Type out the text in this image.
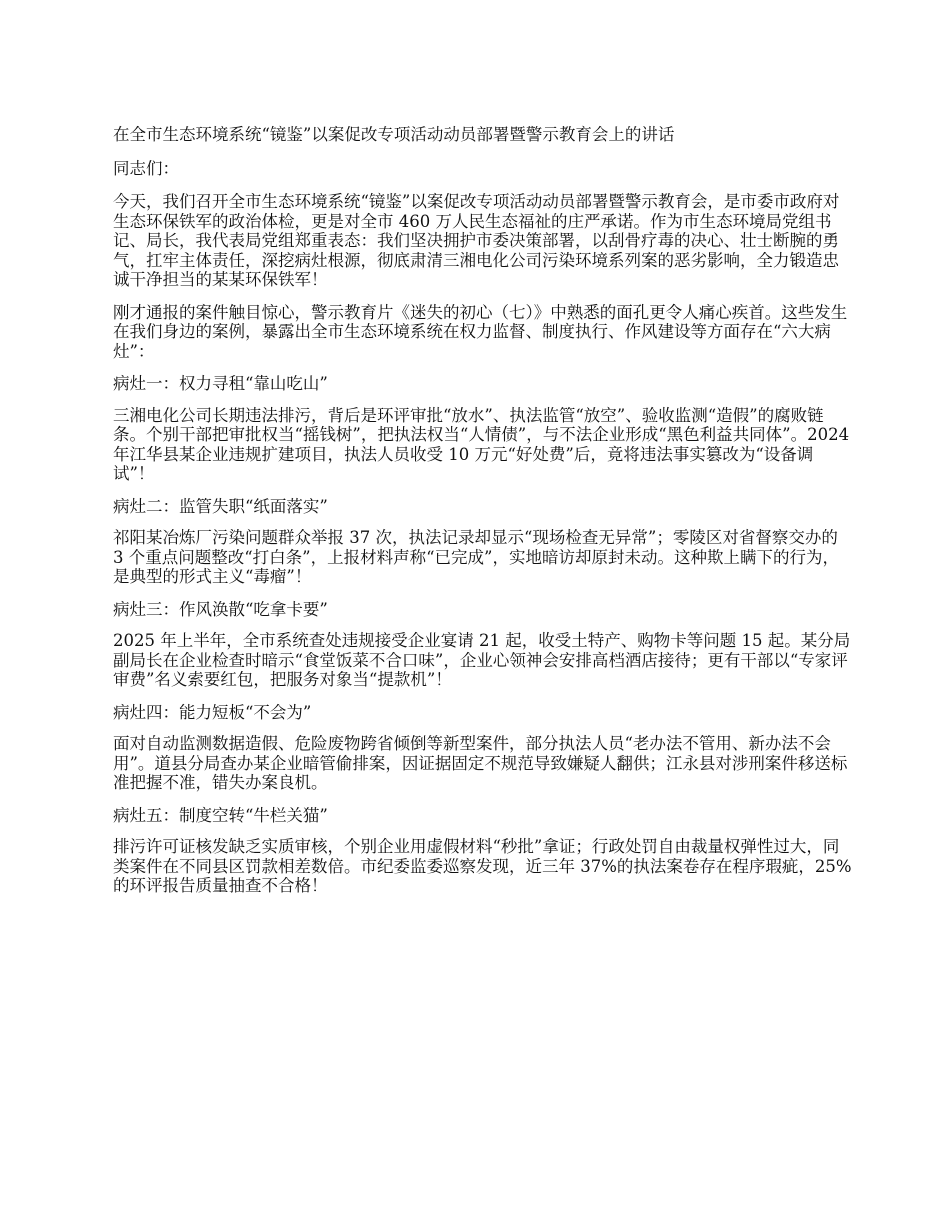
在全市生态环境系统“镜鉴”以案促改专项活动动员部署暨警示教育会上的讲话

同志们：

今天，我们召开全市生态环境系统“镜鉴”以案促改专项活动动员部署暨警示教育会，是市委市政府对生态环保铁军的政治体检，更是对全市 460 万人民生态福祉的庄严承诺。作为市生态环境局党组书记、局长，我代表局党组郑重表态：我们坚决拥护市委决策部署，以刮骨疗毒的决心、壮士断腕的勇气，扛牢主体责任，深挖病灶根源，彻底肃清三湘电化公司污染环境系列案的恶劣影响，全力锻造忠诚干净担当的某某环保铁军！

刚才通报的案件触目惊心，警示教育片《迷失的初心（七）》中熟悉的面孔更令人痛心疾首。这些发生在我们身边的案例，暴露出全市生态环境系统在权力监督、制度执行、作风建设等方面存在“六大病灶”：

病灶一：权力寻租“靠山吃山”

三湘电化公司长期违法排污，背后是环评审批“放水”、执法监管“放空”、验收监测“造假”的腐败链条。个别干部把审批权当“摇钱树”，把执法权当“人情债”，与不法企业形成“黑色利益共同体”。2024 年江华县某企业违规扩建项目，执法人员收受 10 万元“好处费”后，竟将违法事实篡改为“设备调试”！

病灶二：监管失职“纸面落实”

祁阳某冶炼厂污染问题群众举报 37 次，执法记录却显示“现场检查无异常”；零陵区对省督察交办的 3 个重点问题整改“打白条”，上报材料声称“已完成”，实地暗访却原封未动。这种欺上瞒下的行为，是典型的形式主义“毒瘤”！

病灶三：作风涣散“吃拿卡要”

2025 年上半年，全市系统查处违规接受企业宴请 21 起，收受土特产、购物卡等问题 15 起。某分局副局长在企业检查时暗示“食堂饭菜不合口味”，企业心领神会安排高档酒店接待；更有干部以“专家评审费”名义索要红包，把服务对象当“提款机”！

病灶四：能力短板“不会为”

面对自动监测数据造假、危险废物跨省倾倒等新型案件，部分执法人员“老办法不管用、新办法不会用”。道县分局查办某企业暗管偷排案，因证据固定不规范导致嫌疑人翻供；江永县对涉刑案件移送标准把握不准，错失办案良机。

病灶五：制度空转“牛栏关猫”

排污许可证核发缺乏实质审核，个别企业用虚假材料“秒批”拿证；行政处罚自由裁量权弹性过大，同类案件在不同县区罚款相差数倍。市纪委监委巡察发现，近三年 37%的执法案卷存在程序瑕疵，25%的环评报告质量抽查不合格！
